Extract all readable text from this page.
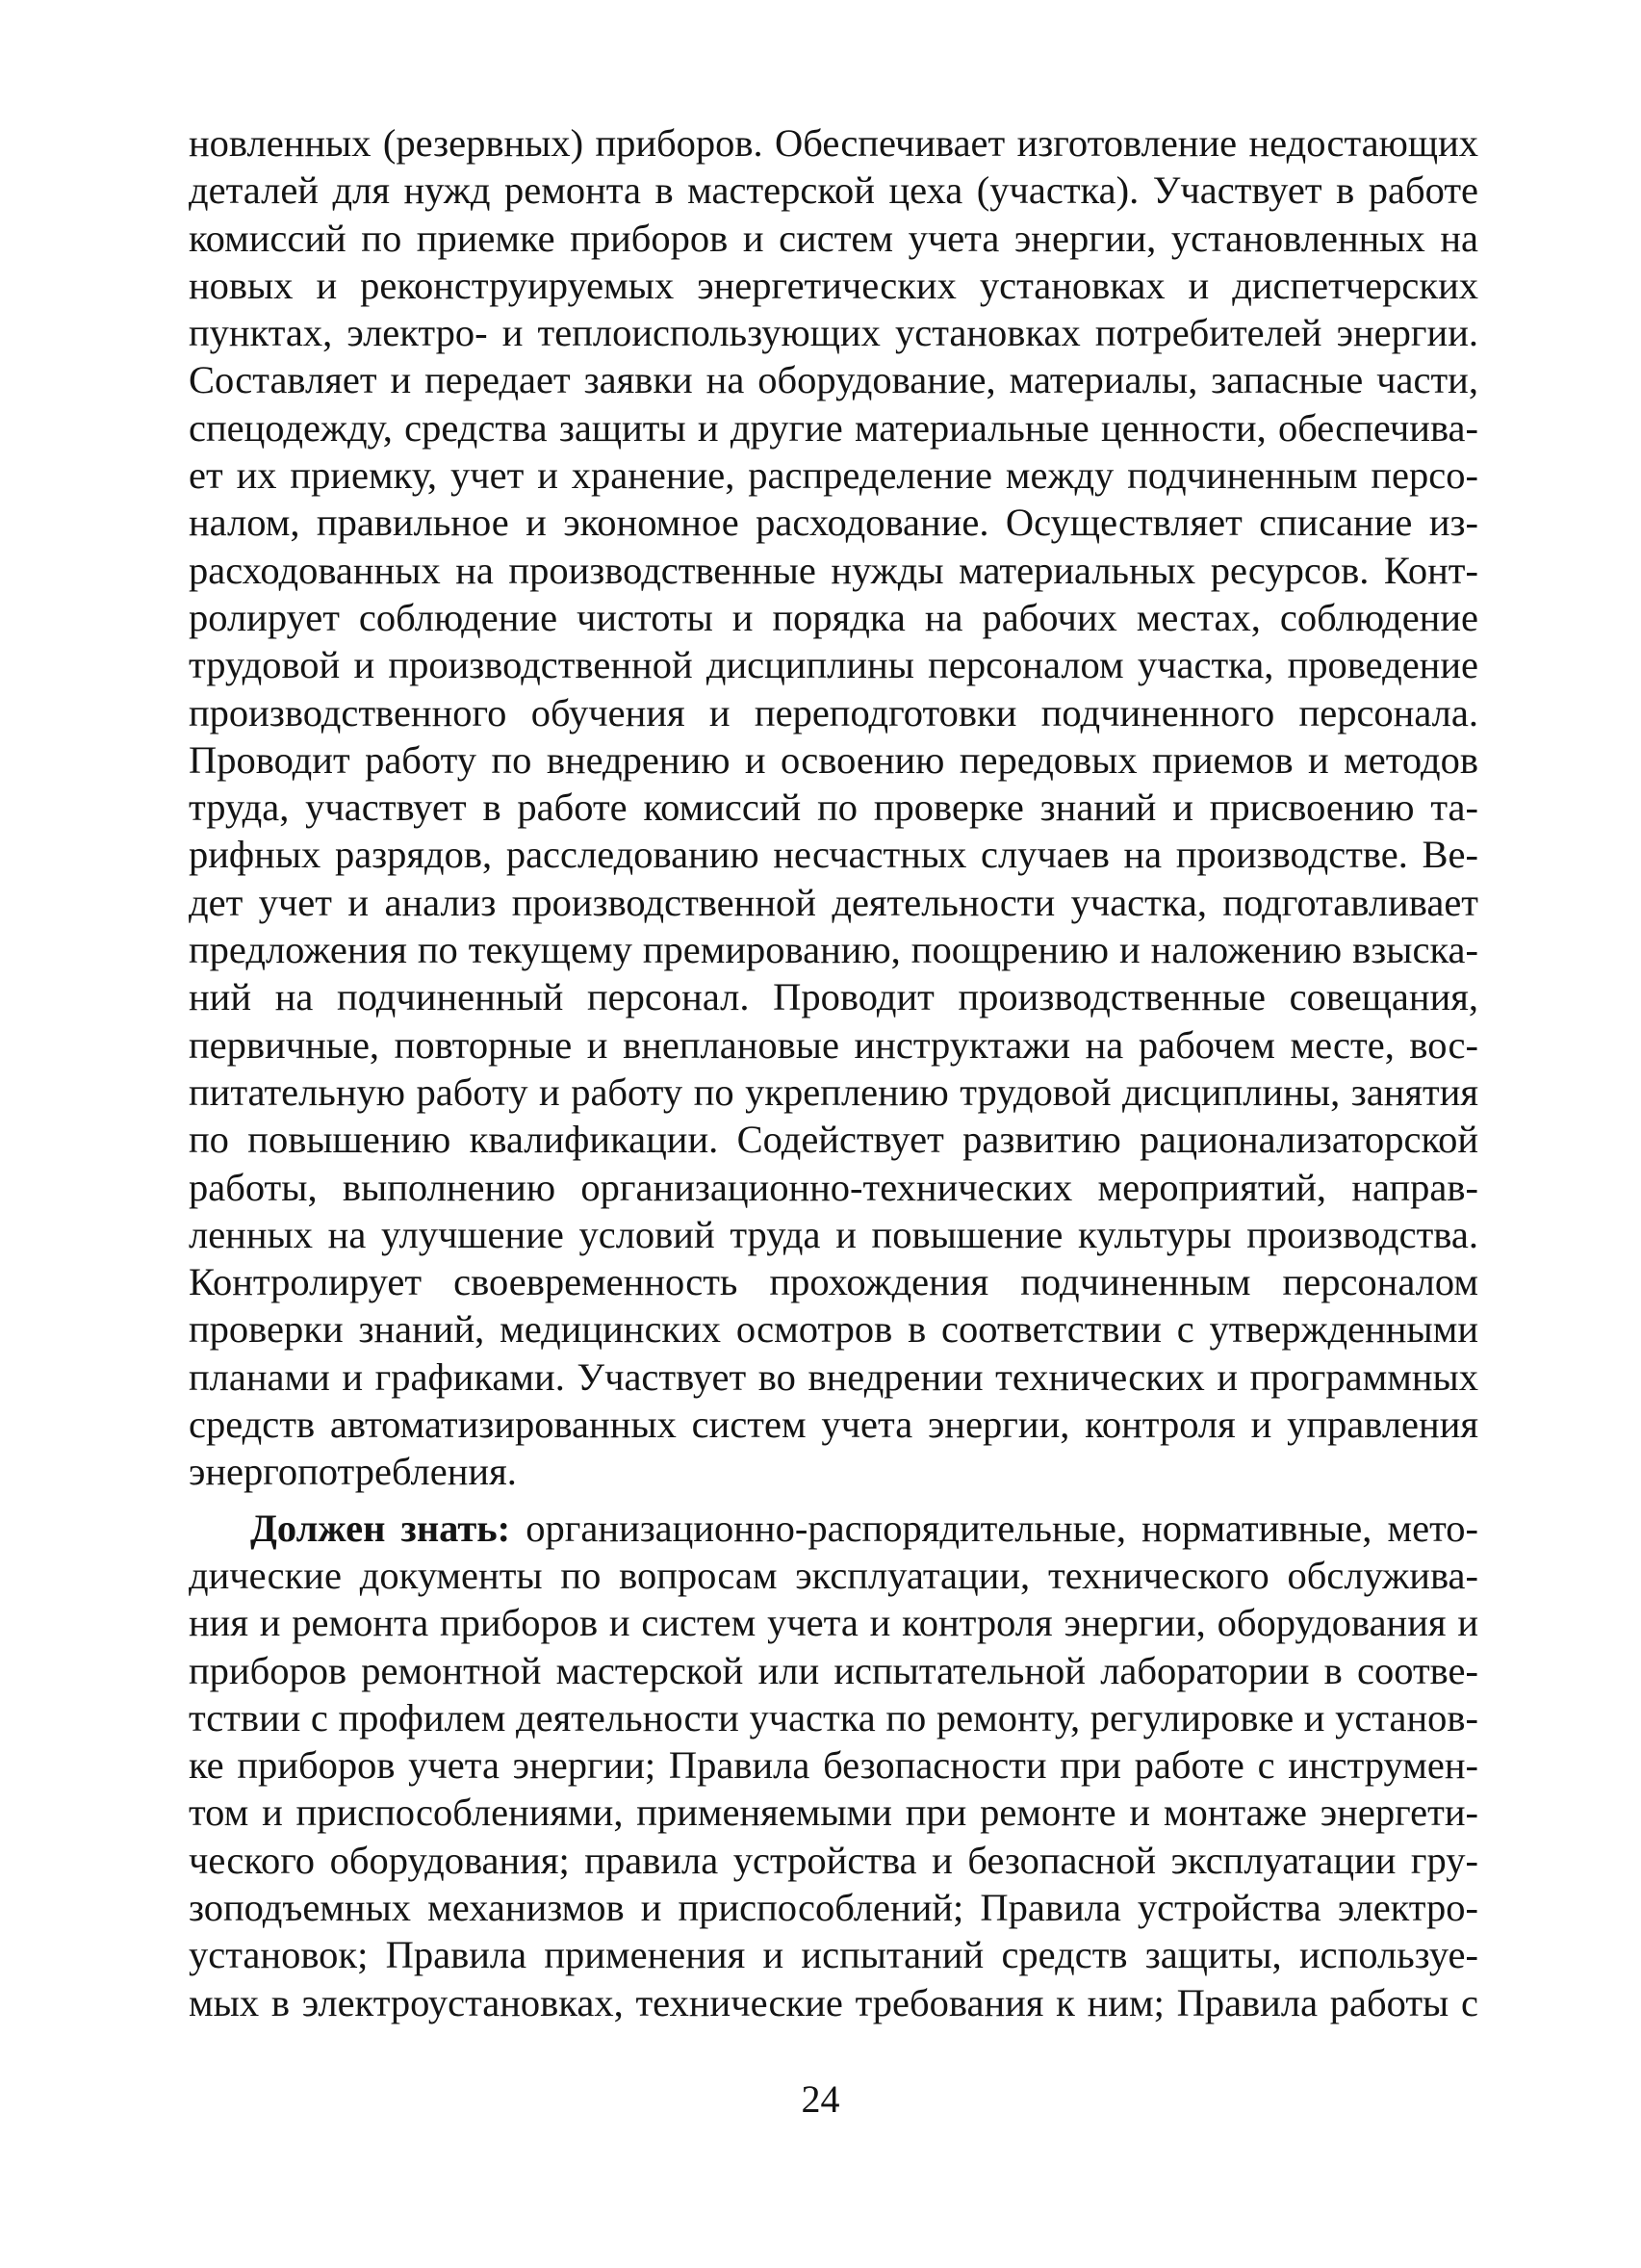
новленных (резервных) приборов. Обеспечивает изготовление недостающих
деталей для нужд ремонта в мастерской цеха (участка). Участвует в работе
комиссий по приемке приборов и систем учета энергии, установленных на
новых и реконструируемых энергетических установках и диспетчерских
пунктах, электро- и теплоиспользующих установках потребителей энергии.
Составляет и передает заявки на оборудование, материалы, запасные части,
спецодежду, средства защиты и другие материальные ценности, обеспечива-
ет их приемку, учет и хранение, распределение между подчиненным персо-
налом, правильное и экономное расходование. Осуществляет списание из-
расходованных на производственные нужды материальных ресурсов. Конт-
ролирует соблюдение чистоты и порядка на рабочих местах, соблюдение
трудовой и производственной дисциплины персоналом участка, проведение
производственного обучения и переподготовки подчиненного персонала.
Проводит работу по внедрению и освоению передовых приемов и методов
труда, участвует в работе комиссий по проверке знаний и присвоению та-
рифных разрядов, расследованию несчастных случаев на производстве. Ве-
дет учет и анализ производственной деятельности участка, подготавливает
предложения по текущему премированию, поощрению и наложению взыска-
ний на подчиненный персонал. Проводит производственные совещания,
первичные, повторные и внеплановые инструктажи на рабочем месте, вос-
питательную работу и работу по укреплению трудовой дисциплины, занятия
по повышению квалификации. Содействует развитию рационализаторской
работы, выполнению организационно-технических мероприятий, направ-
ленных на улучшение условий труда и повышение культуры производства.
Контролирует своевременность прохождения подчиненным персоналом
проверки знаний, медицинских осмотров в соответствии с утвержденными
планами и графиками. Участвует во внедрении технических и программных
средств автоматизированных систем учета энергии, контроля и управления
энергопотребления.
Должен знать: организационно-распорядительные, нормативные, мето-
дические документы по вопросам эксплуатации, технического обслужива-
ния и ремонта приборов и систем учета и контроля энергии, оборудования и
приборов ремонтной мастерской или испытательной лаборатории в соотве-
тствии с профилем деятельности участка по ремонту, регулировке и установ-
ке приборов учета энергии; Правила безопасности при работе с инструмен-
том и приспособлениями, применяемыми при ремонте и монтаже энергети-
ческого оборудования; правила устройства и безопасной эксплуатации гру-
зоподъемных механизмов и приспособлений; Правила устройства электро-
установок; Правила применения и испытаний средств защиты, используе-
мых в электроустановках, технические требования к ним; Правила работы с
24
